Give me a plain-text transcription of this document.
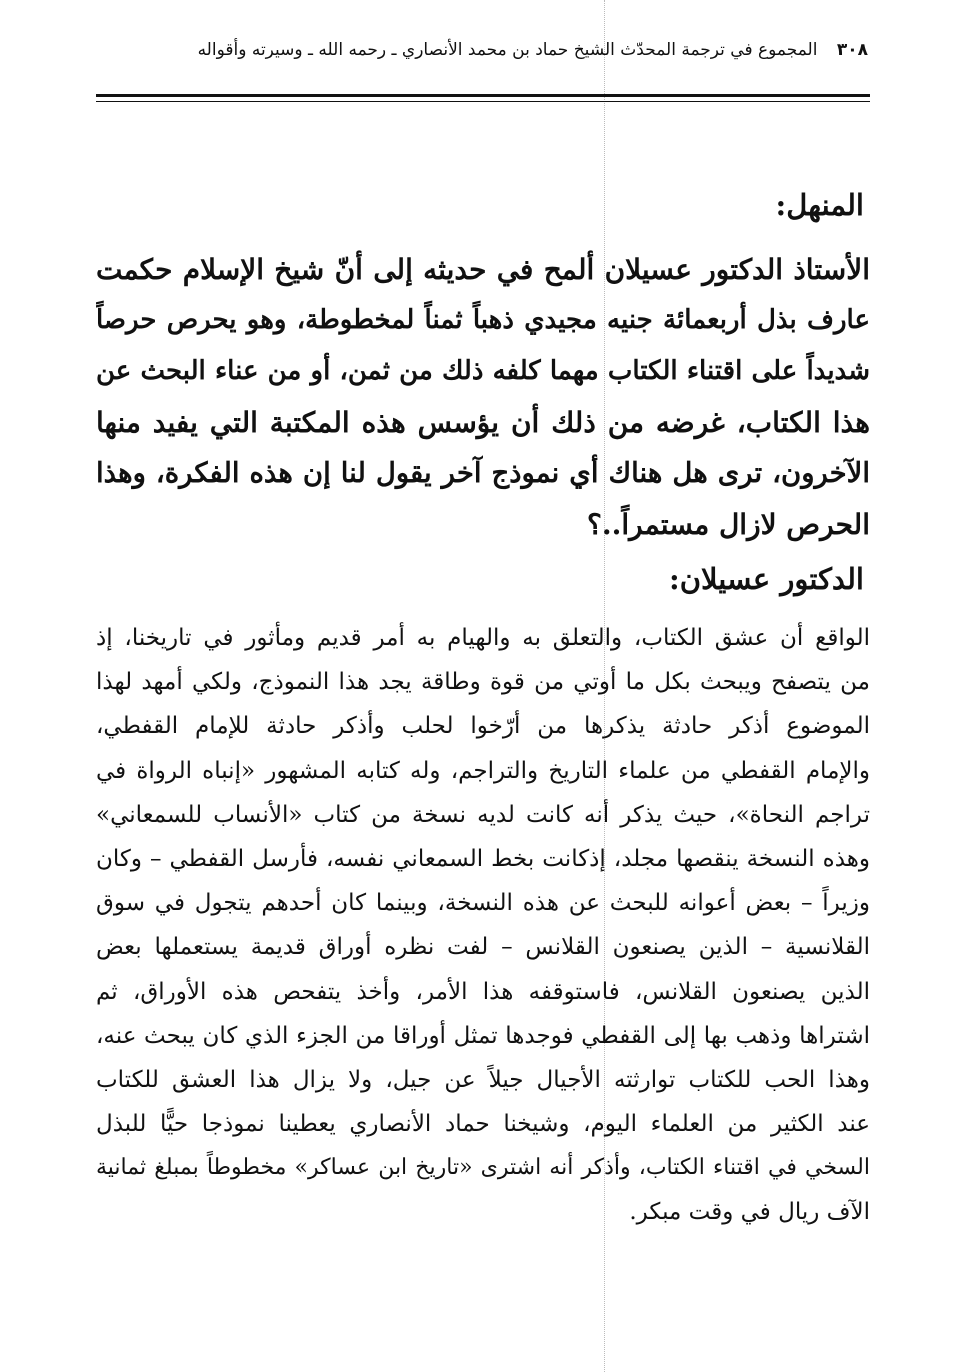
٣٠٨ المجموع في ترجمة المحدّث الشيخ حماد بن محمد الأنصاري ـ رحمه الله ـ وسيرته وأقواله
المنهل:
الأستاذ الدكتور عسيلان ألمح في حديثه إلى أنّ شيخ الإسلام حكمت
عارف بذل أربعمائة جنيه مجيدي ذهباً ثمناً لمخطوطة، وهو يحرص حرصاً
شديداً على اقتناء الكتاب مهما كلفه ذلك من ثمن، أو من عناء البحث عن
هذا الكتاب، غرضه من ذلك أن يؤسس هذه المكتبة التي يفيد منها
الآخرون، ترى هل هناك أي نموذج آخر يقول لنا إن هذه الفكرة، وهذا
الحرص لازال مستمراً..؟
الدكتور عسيلان:
الواقع أن عشق الكتاب، والتعلق به والهيام به أمر قديم ومأثور في تاريخنا، إذ
من يتصفح ويبحث بكل ما أوتي من قوة وطاقة يجد هذا النموذج، ولكي أمهد لهذا
الموضوع أذكر حادثة يذكرها من أرّخوا لحلب وأذكر حادثة للإمام القفطي،
والإمام القفطي من علماء التاريخ والتراجم، وله كتابه المشهور «إنباه الرواة في
تراجم النحاة»، حيث يذكر أنه كانت لديه نسخة من كتاب «الأنساب للسمعاني»
وهذه النسخة ينقصها مجلد، إذكانت بخط السمعاني نفسه، فأرسل القفطي – وكان
وزيراً – بعض أعوانه للبحث عن هذه النسخة، وبينما كان أحدهم يتجول في سوق
القلانسية – الذين يصنعون القلانس – لفت نظره أوراق قديمة يستعملها بعض
الذين يصنعون القلانس، فاستوقفه هذا الأمر، وأخذ يتفحص هذه الأوراق، ثم
اشتراها وذهب بها إلى القفطي فوجدها تمثل أوراقا من الجزء الذي كان يبحث عنه،
وهذا الحب للكتاب توارثته الأجيال جيلاً عن جيل، ولا يزال هذا العشق للكتاب
عند الكثير من العلماء اليوم، وشيخنا حماد الأنصاري يعطينا نموذجا حيًّا للبذل
السخي في اقتناء الكتاب، وأذكر أنه اشترى «تاريخ ابن عساكر» مخطوطاً بمبلغ ثمانية
الآف ريال في وقت مبكر.
